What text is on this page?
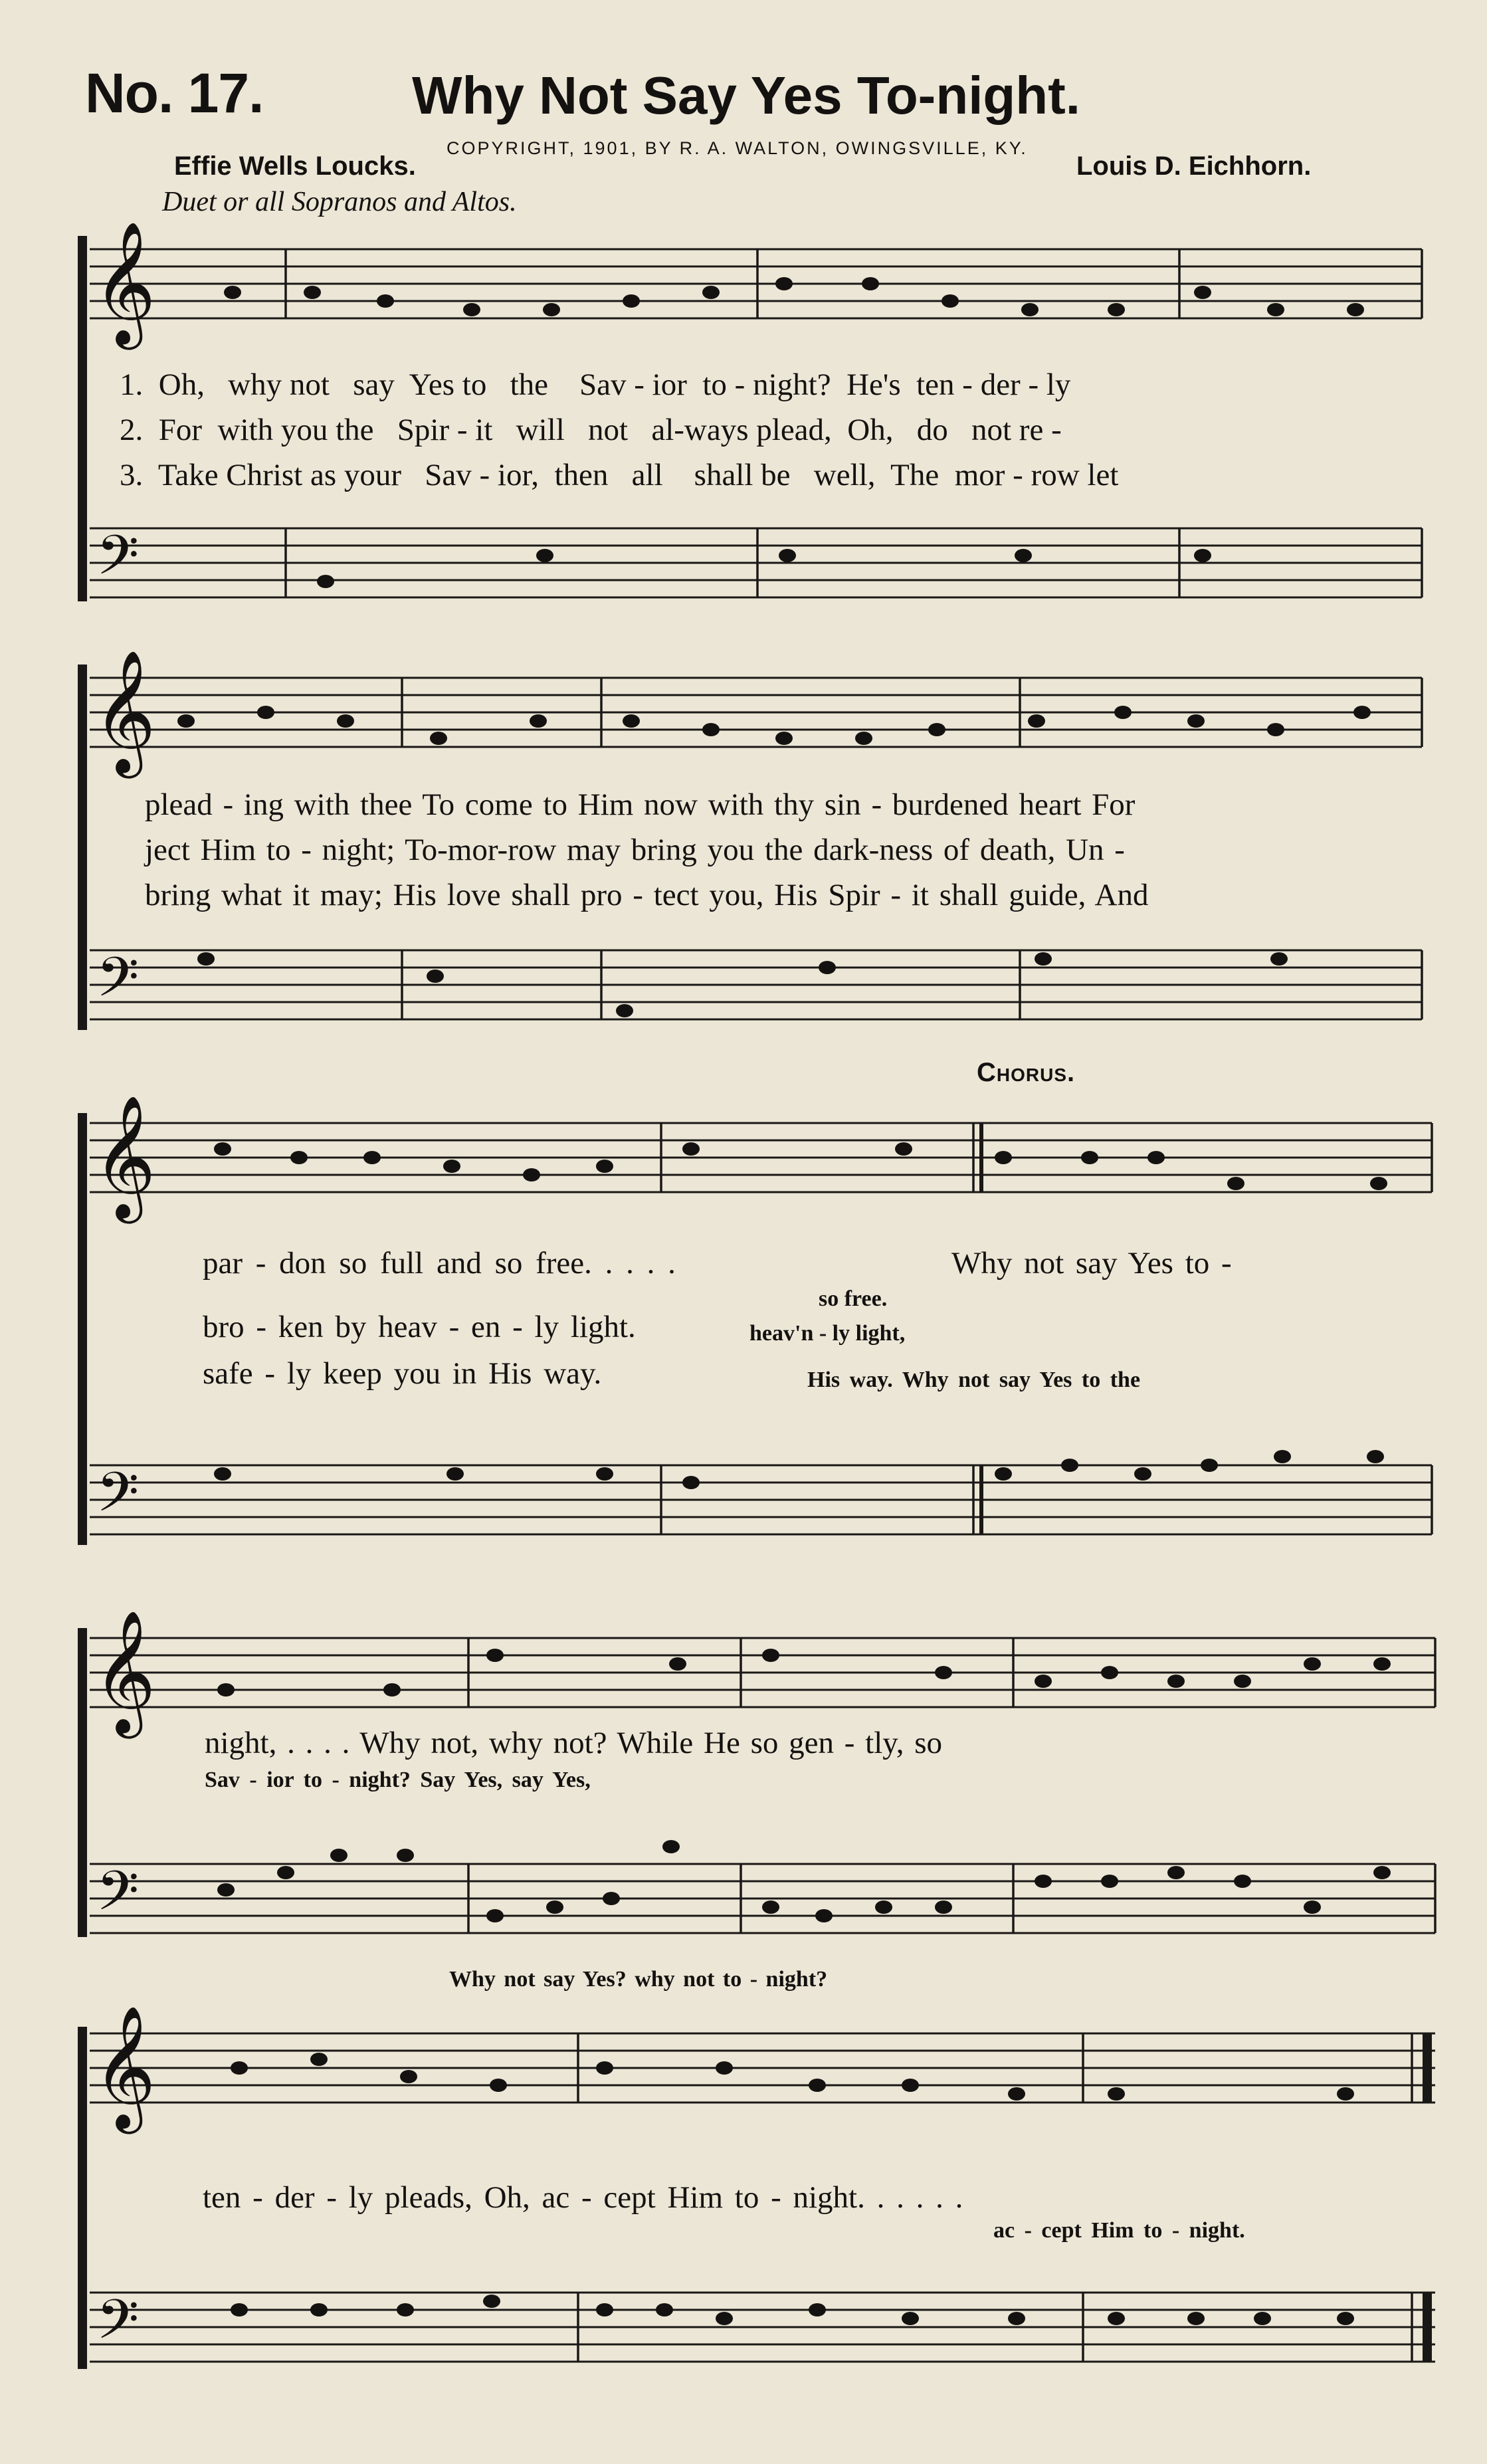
No. 17.	Why Not Say Yes To-night.
COPYRIGHT, 1901, BY R. A. WALTON, OWINGSVILLE, KY.
Effie Wells Loucks.	Louis D. Eichhorn.
Duet or all Sopranos and Altos.
𝄞
𝄢
𝄞
𝄢
𝄞
𝄢
𝄞
𝄢
𝄞
𝄢
1. Oh, why not say Yes to the Sav - ior to - night? He's ten - der - ly
2. For with you the Spir - it will not al-ways plead, Oh, do not re -
3. Take Christ as your Sav - ior, then all shall be well, The mor - row let
plead - ing with thee To come to Him now with thy sin - burdened heart For
ject Him to - night; To-mor-row may bring you the dark-ness of death, Un -
bring what it may; His love shall pro - tect you, His Spir - it shall guide, And
Chorus.
par - don so full and so free. . . . .	Why not say Yes to -
so free.
bro - ken by heav - en - ly light.	heav'n - ly light,
safe - ly keep you in His way.	His way. Why not say Yes to the
night, . . . . Why not, why not? While He so gen - tly, so
Sav - ior to - night? Say Yes, say Yes,
Why not say Yes? why not to - night?
ten - der - ly pleads, Oh, ac - cept Him to - night. . . . . .
ac - cept Him to - night.
